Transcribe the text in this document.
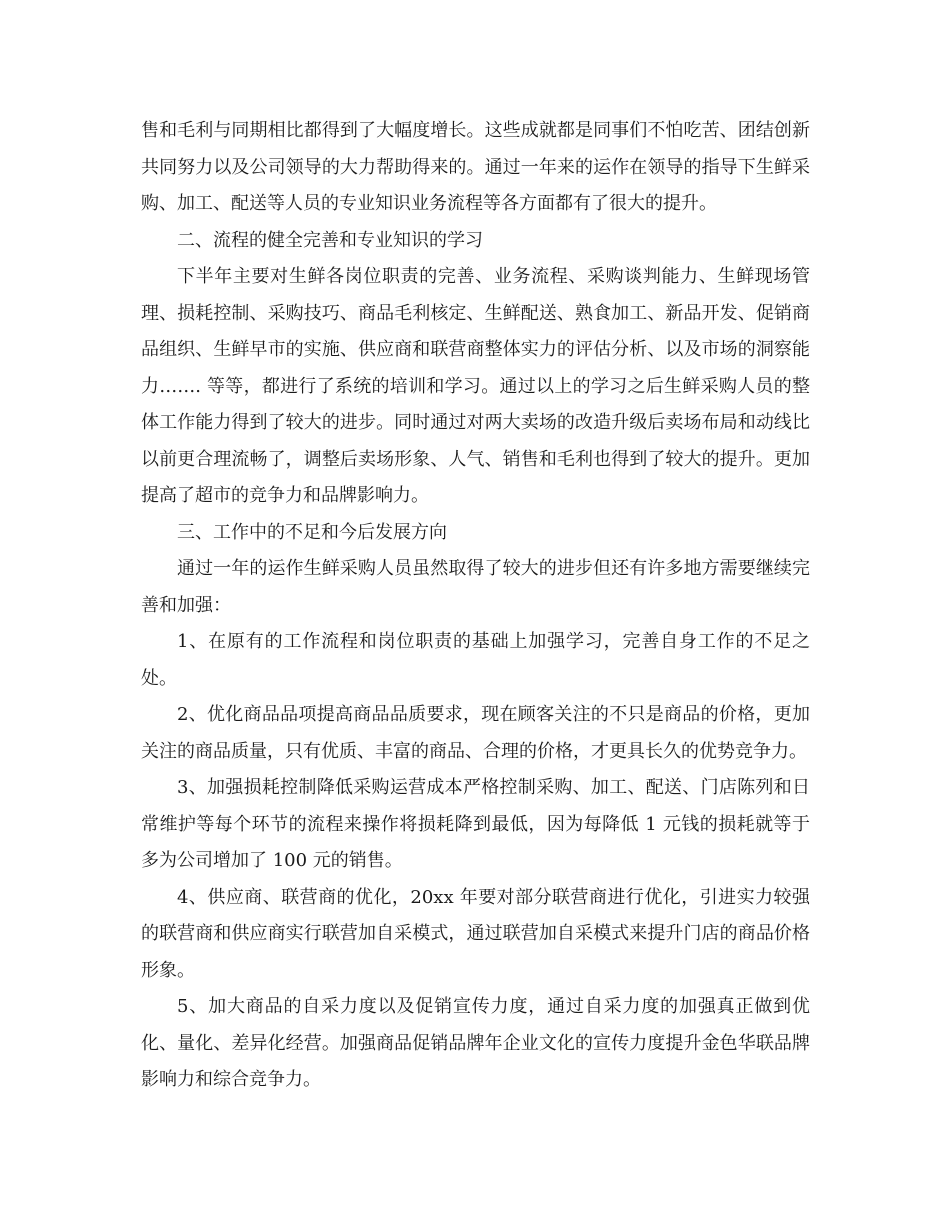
售和毛利与同期相比都得到了大幅度增长。这些成就都是同事们不怕吃苦、团结创新共同努力以及公司领导的大力帮助得来的。通过一年来的运作在领导的指导下生鲜采购、加工、配送等人员的专业知识业务流程等各方面都有了很大的提升。

二、流程的健全完善和专业知识的学习

下半年主要对生鲜各岗位职责的完善、业务流程、采购谈判能力、生鲜现场管理、损耗控制、采购技巧、商品毛利核定、生鲜配送、熟食加工、新品开发、促销商品组织、生鲜早市的实施、供应商和联营商整体实力的评估分析、以及市场的洞察能力……. 等等，都进行了系统的培训和学习。通过以上的学习之后生鲜采购人员的整体工作能力得到了较大的进步。同时通过对两大卖场的改造升级后卖场布局和动线比以前更合理流畅了，调整后卖场形象、人气、销售和毛利也得到了较大的提升。更加提高了超市的竞争力和品牌影响力。

三、工作中的不足和今后发展方向

通过一年的运作生鲜采购人员虽然取得了较大的进步但还有许多地方需要继续完善和加强：

1、在原有的工作流程和岗位职责的基础上加强学习，完善自身工作的不足之处。

2、优化商品品项提高商品品质要求，现在顾客关注的不只是商品的价格，更加关注的商品质量，只有优质、丰富的商品、合理的价格，才更具长久的优势竞争力。

3、加强损耗控制降低采购运营成本严格控制采购、加工、配送、门店陈列和日常维护等每个环节的流程来操作将损耗降到最低，因为每降低 1 元钱的损耗就等于多为公司增加了 100 元的销售。

4、供应商、联营商的优化，20xx 年要对部分联营商进行优化，引进实力较强的联营商和供应商实行联营加自采模式，通过联营加自采模式来提升门店的商品价格形象。

5、加大商品的自采力度以及促销宣传力度，通过自采力度的加强真正做到优化、量化、差异化经营。加强商品促销品牌年企业文化的宣传力度提升金色华联品牌影响力和综合竞争力。
